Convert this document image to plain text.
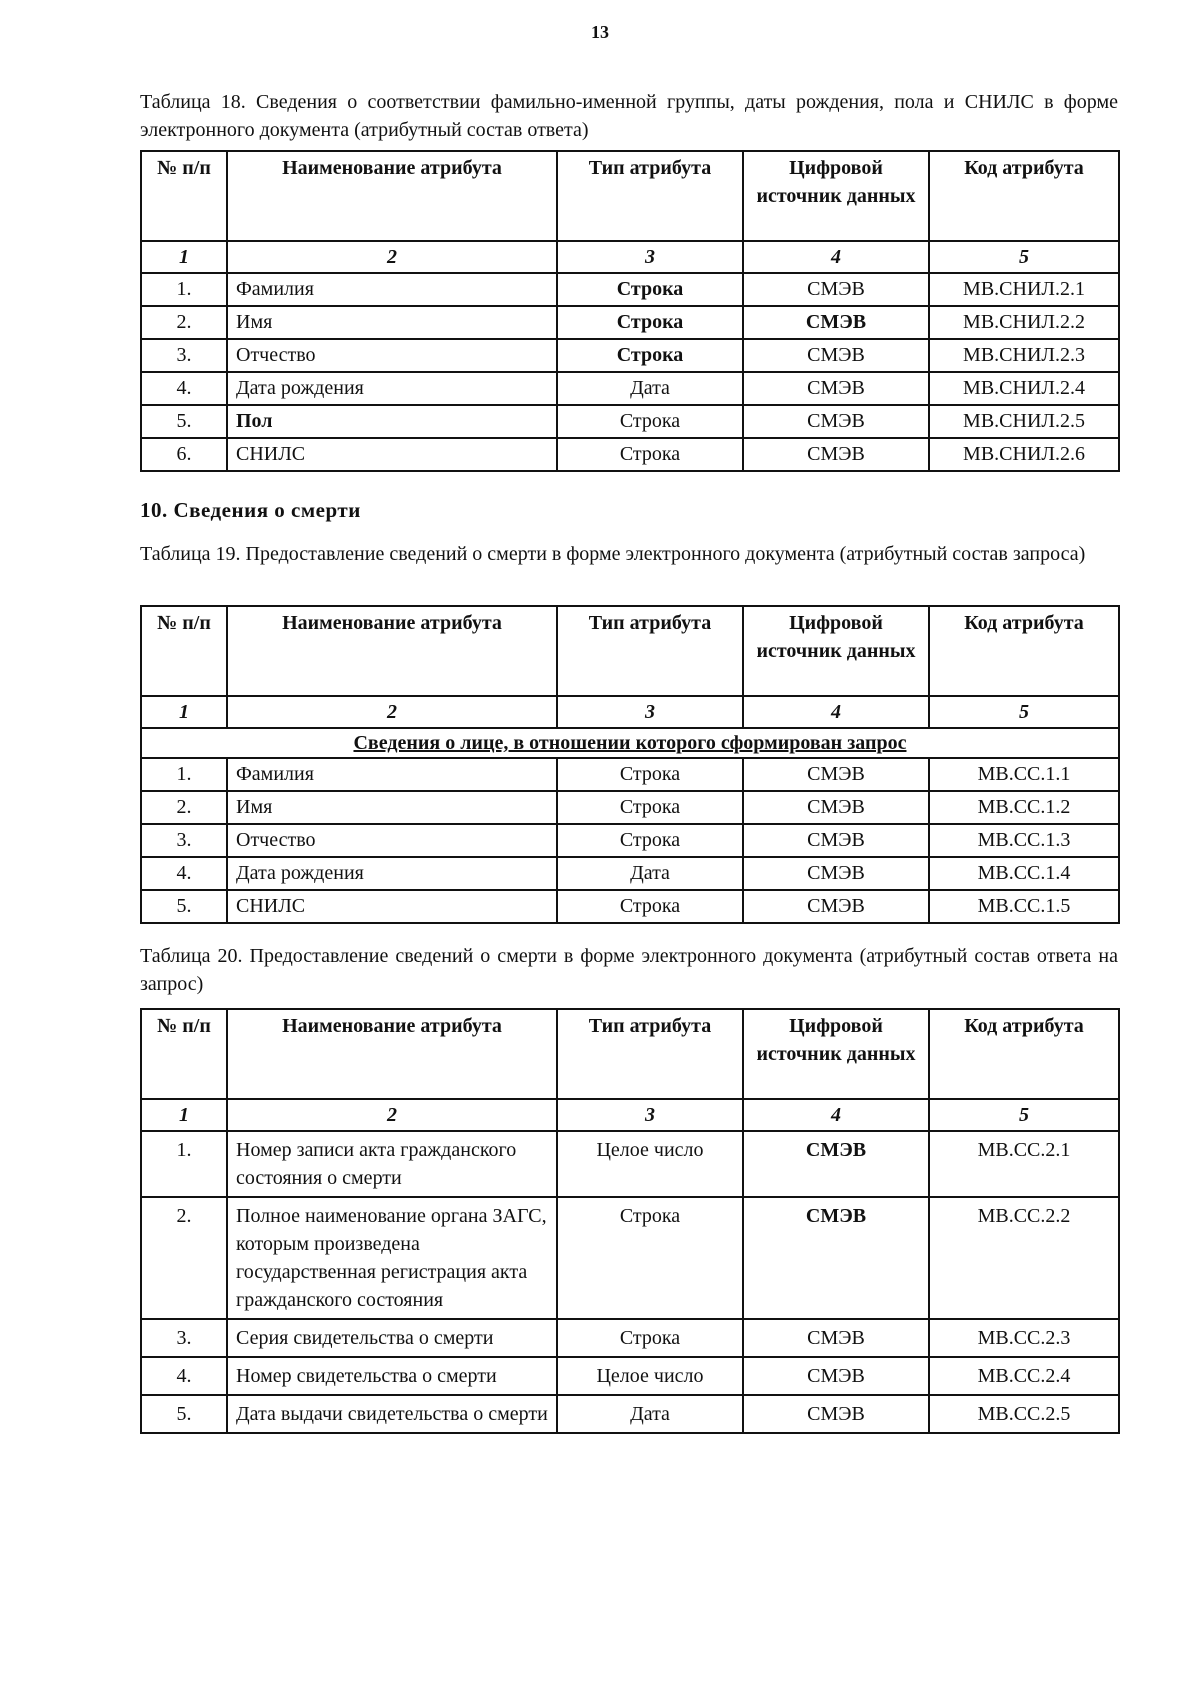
13
Таблица 18. Сведения о соответствии фамильно-именной группы, даты рождения, пола и СНИЛС в форме электронного документа (атрибутный состав ответа)
№ п/п	Наименование атрибута	Тип атрибута	Цифровой источник данных	Код атрибута
1	2	3	4	5
1.	Фамилия	Строка	СМЭВ	МВ.СНИЛ.2.1
2.	Имя	Строка	СМЭВ	МВ.СНИЛ.2.2
3.	Отчество	Строка	СМЭВ	МВ.СНИЛ.2.3
4.	Дата рождения	Дата	СМЭВ	МВ.СНИЛ.2.4
5.	Пол	Строка	СМЭВ	МВ.СНИЛ.2.5
6.	СНИЛС	Строка	СМЭВ	МВ.СНИЛ.2.6
10. Сведения о смерти
Таблица 19. Предоставление сведений о смерти в форме электронного документа (атрибутный состав запроса)
№ п/п	Наименование атрибута	Тип атрибута	Цифровой источник данных	Код атрибута
1	2	3	4	5
Сведения о лице, в отношении которого сформирован запрос				
1.	Фамилия	Строка	СМЭВ	МВ.СС.1.1
2.	Имя	Строка	СМЭВ	МВ.СС.1.2
3.	Отчество	Строка	СМЭВ	МВ.СС.1.3
4.	Дата рождения	Дата	СМЭВ	МВ.СС.1.4
5.	СНИЛС	Строка	СМЭВ	МВ.СС.1.5
Таблица 20. Предоставление сведений о смерти в форме электронного документа (атрибутный состав ответа на запрос)
№ п/п	Наименование атрибута	Тип атрибута	Цифровой источник данных	Код атрибута
1	2	3	4	5
1.	Номер записи акта гражданского состояния о смерти	Целое число	СМЭВ	МВ.СС.2.1
2.	Полное наименование органа ЗАГС, которым произведена государственная регистрация акта гражданского состояния	Строка	СМЭВ	МВ.СС.2.2
3.	Серия свидетельства о смерти	Строка	СМЭВ	МВ.СС.2.3
4.	Номер свидетельства о смерти	Целое число	СМЭВ	МВ.СС.2.4
5.	Дата выдачи свидетельства о смерти	Дата	СМЭВ	МВ.СС.2.5
